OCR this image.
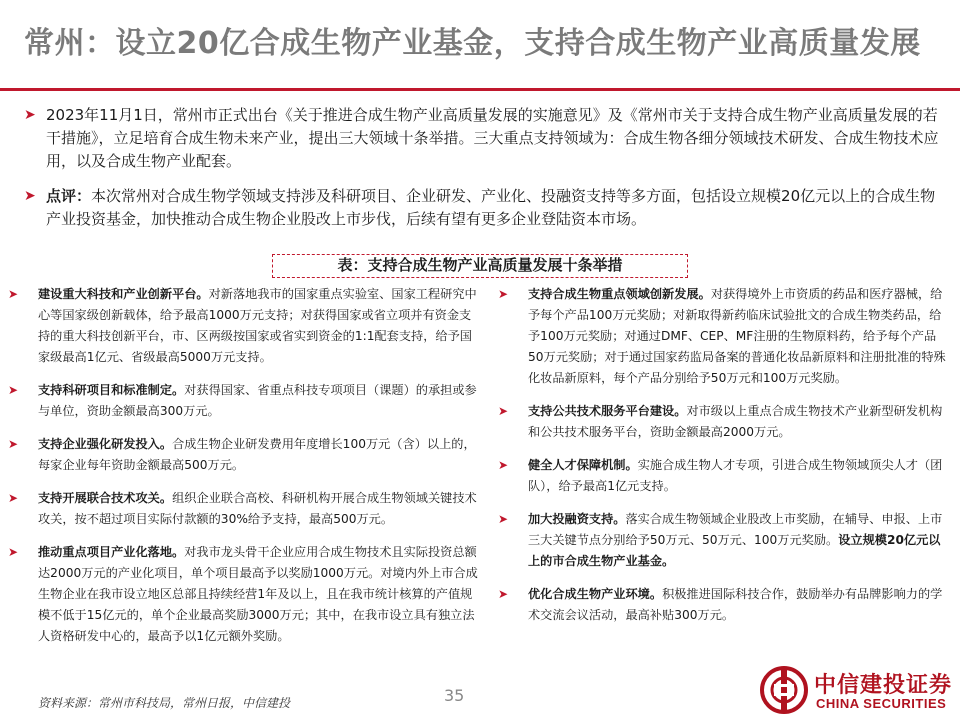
常州：设立20亿合成生物产业基金，支持合成生物产业高质量发展
➤ 2023年11月1日，常州市正式出台《关于推进合成生物产业高质量发展的实施意见》及《常州市关于支持合成生物产业高质量发展的若干措施》，立足培育合成生物未来产业，提出三大领域十条举措。三大重点支持领域为：合成生物各细分领域技术研发、合成生物技术应用，以及合成生物产业配套。
➤ 点评：本次常州对合成生物学领域支持涉及科研项目、企业研发、产业化、投融资支持等多方面，包括设立规模20亿元以上的合成生物产业投资基金，加快推动合成生物企业股改上市步伐，后续有望有更多企业登陆资本市场。
表：支持合成生物产业高质量发展十条举措
➤ 建设重大科技和产业创新平台。对新落地我市的国家重点实验室、国家工程研究中心等国家级创新载体，给予最高1000万元支持；对获得国家或省立项并有资金支持的重大科技创新平台，市、区两级按国家或省实到资金的1:1配套支持，给予国家级最高1亿元、省级最高5000万元支持。
➤ 支持科研项目和标准制定。对获得国家、省重点科技专项项目（课题）的承担或参与单位，资助金额最高300万元。
➤ 支持企业强化研发投入。合成生物企业研发费用年度增长100万元（含）以上的，每家企业每年资助金额最高500万元。
➤ 支持开展联合技术攻关。组织企业联合高校、科研机构开展合成生物领域关键技术攻关，按不超过项目实际付款额的30%给予支持，最高500万元。
➤ 推动重点项目产业化落地。对我市龙头骨干企业应用合成生物技术且实际投资总额达2000万元的产业化项目，单个项目最高予以奖励1000万元。对境内外上市合成生物企业在我市设立地区总部且持续经营1年及以上，且在我市统计核算的产值规模不低于15亿元的，单个企业最高奖励3000万元；其中，在我市设立具有独立法人资格研发中心的，最高予以1亿元额外奖励。
➤ 支持合成生物重点领域创新发展。对获得境外上市资质的药品和医疗器械，给予每个产品100万元奖励；对新取得新药临床试验批文的合成生物类药品，给予100万元奖励；对通过DMF、CEP、MF注册的生物原料药，给予每个产品50万元奖励；对于通过国家药监局备案的普通化妆品新原料和注册批准的特殊化妆品新原料，每个产品分别给予50万元和100万元奖励。
➤ 支持公共技术服务平台建设。对市级以上重点合成生物技术产业新型研发机构和公共技术服务平台，资助金额最高2000万元。
➤ 健全人才保障机制。实施合成生物人才专项，引进合成生物领域顶尖人才（团队），给予最高1亿元支持。
➤ 加大投融资支持。落实合成生物领域企业股改上市奖励，在辅导、申报、上市三大关键节点分别给予50万元、50万元、100万元奖励。设立规模20亿元以上的市合成生物产业基金。
➤ 优化合成生物产业环境。积极推进国际科技合作，鼓励举办有品牌影响力的学术交流会议活动，最高补贴300万元。
资料来源：常州市科技局，常州日报，中信建投	35	中信建投证券
CHINA SECURITIES
